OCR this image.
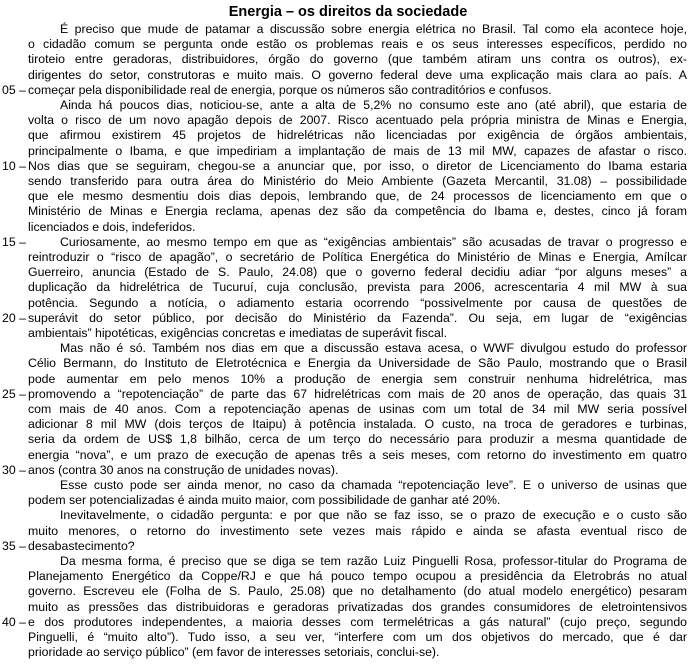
Energia – os direitos da sociedade
É preciso que mude de patamar a discussão sobre energia elétrica no Brasil. Tal como ela acontece hoje,
o cidadão comum se pergunta onde estão os problemas reais e os seus interesses específicos, perdido no
tiroteio entre geradoras, distribuidores, órgão do governo (que também atiram uns contra os outros), ex-
dirigentes do setor, construtoras e muito mais. O governo federal deve uma explicação mais clara ao país. A
começar pela disponibilidade real de energia, porque os números são contraditórios e confusos.
Ainda há poucos dias, noticiou-se, ante a alta de 5,2% no consumo este ano (até abril), que estaria de
volta o risco de um novo apagão depois de 2007. Risco acentuado pela própria ministra de Minas e Energia,
que afirmou existirem 45 projetos de hidrelétricas não licenciadas por exigência de órgãos ambientais,
principalmente o Ibama, e que impediriam a implantação de mais de 13 mil MW, capazes de afastar o risco.
Nos dias que se seguiram, chegou-se a anunciar que, por isso, o diretor de Licenciamento do Ibama estaria
sendo transferido para outra área do Ministério do Meio Ambiente (Gazeta Mercantil, 31.08) – possibilidade
que ele mesmo desmentiu dois dias depois, lembrando que, de 24 processos de licenciamento em que o
Ministério de Minas e Energia reclama, apenas dez são da competência do Ibama e, destes, cinco já foram
licenciados e dois, indeferidos.
Curiosamente, ao mesmo tempo em que as “exigências ambientais” são acusadas de travar o progresso e
reintroduzir o “risco de apagão”, o secretário de Política Energética do Ministério de Minas e Energia, Amílcar
Guerreiro, anuncia (Estado de S. Paulo, 24.08) que o governo federal decidiu adiar “por alguns meses” a
duplicação da hidrelétrica de Tucuruí, cuja conclusão, prevista para 2006, acrescentaria 4 mil MW à sua
potência. Segundo a notícia, o adiamento estaria ocorrendo “possivelmente por causa de questões de
superávit do setor público, por decisão do Ministério da Fazenda”. Ou seja, em lugar de “exigências
ambientais” hipotéticas, exigências concretas e imediatas de superávit fiscal.
Mas não é só. Também nos dias em que a discussão estava acesa, o WWF divulgou estudo do professor
Célio Bermann, do Instituto de Eletrotécnica e Energia da Universidade de São Paulo, mostrando que o Brasil
pode aumentar em pelo menos 10% a produção de energia sem construir nenhuma hidrelétrica, mas
promovendo a “repotenciação” de parte das 67 hidrelétricas com mais de 20 anos de operação, das quais 31
com mais de 40 anos. Com a repotenciação apenas de usinas com um total de 34 mil MW seria possível
adicionar 8 mil MW (dois terços de Itaipu) à potência instalada. O custo, na troca de geradores e turbinas,
seria da ordem de US$ 1,8 bilhão, cerca de um terço do necessário para produzir a mesma quantidade de
energia “nova”, e um prazo de execução de apenas três a seis meses, com retorno do investimento em quatro
anos (contra 30 anos na construção de unidades novas).
Esse custo pode ser ainda menor, no caso da chamada “repotenciação leve”. E o universo de usinas que
podem ser potencializadas é ainda muito maior, com possibilidade de ganhar até 20%.
Inevitavelmente, o cidadão pergunta: e por que não se faz isso, se o prazo de execução e o custo são
muito menores, o retorno do investimento sete vezes mais rápido e ainda se afasta eventual risco de
desabastecimento?
Da mesma forma, é preciso que se diga se tem razão Luiz Pinguelli Rosa, professor-titular do Programa de
Planejamento Energético da Coppe/RJ e que há pouco tempo ocupou a presidência da Eletrobrás no atual
governo. Escreveu ele (Folha de S. Paulo, 25.08) que no detalhamento (do atual modelo energético) pesaram
muito as pressões das distribuidoras e geradoras privatizadas dos grandes consumidores de eletrointensivos
e dos produtores independentes, a maioria desses com termelétricas a gás natural” (cujo preço, segundo
Pinguelli, é “muito alto”). Tudo isso, a seu ver, “interfere com um dos objetivos do mercado, que é dar
prioridade ao serviço público” (em favor de interesses setoriais, conclui-se).
05 –
10 –
15 –
20 –
25 –
30 –
35 –
40 –
